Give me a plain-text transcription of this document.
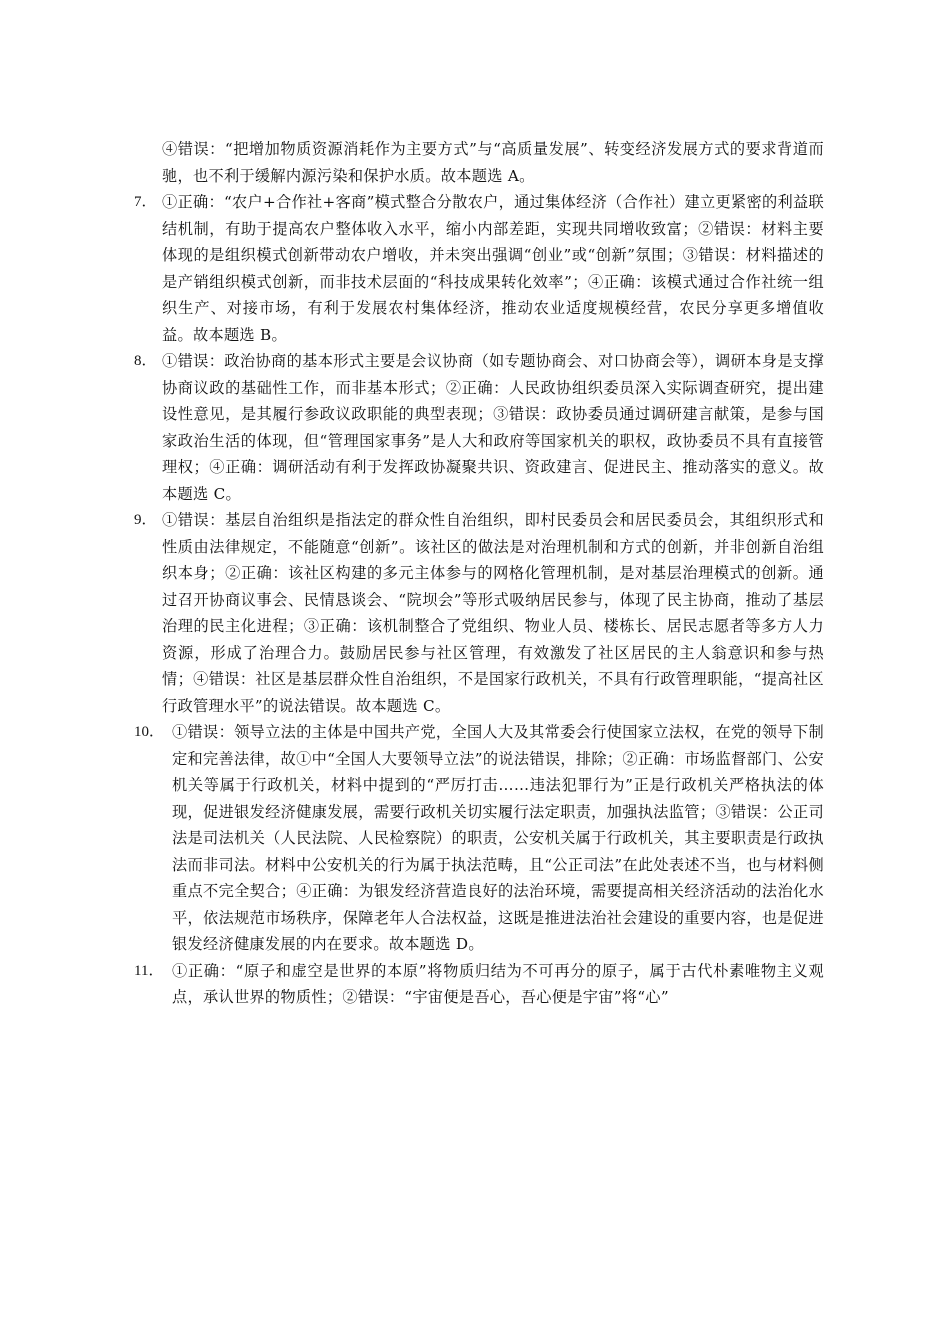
④错误：“把增加物质资源消耗作为主要方式”与“高质量发展”、转变经济发展方式的要求背道而驰，也不利于缓解内源污染和保护水质。故本题选 A。

7． ①正确：“农户+合作社+客商”模式整合分散农户，通过集体经济（合作社）建立更紧密的利益联结机制，有助于提高农户整体收入水平，缩小内部差距，实现共同增收致富；②错误：材料主要体现的是组织模式创新带动农户增收，并未突出强调“创业”或“创新”氛围；③错误：材料描述的是产销组织模式创新，而非技术层面的“科技成果转化效率”；④正确：该模式通过合作社统一组织生产、对接市场，有利于发展农村集体经济，推动农业适度规模经营，农民分享更多增值收益。故本题选 B。

8． ①错误：政治协商的基本形式主要是会议协商（如专题协商会、对口协商会等），调研本身是支撑协商议政的基础性工作，而非基本形式；②正确：人民政协组织委员深入实际调查研究，提出建设性意见，是其履行参政议政职能的典型表现；③错误：政协委员通过调研建言献策，是参与国家政治生活的体现，但“管理国家事务”是人大和政府等国家机关的职权，政协委员不具有直接管理权；④正确：调研活动有利于发挥政协凝聚共识、资政建言、促进民主、推动落实的意义。故本题选 C。

9． ①错误：基层自治组织是指法定的群众性自治组织，即村民委员会和居民委员会，其组织形式和性质由法律规定，不能随意“创新”。该社区的做法是对治理机制和方式的创新，并非创新自治组织本身；②正确：该社区构建的多元主体参与的网格化管理机制，是对基层治理模式的创新。通过召开协商议事会、民情恳谈会、“院坝会”等形式吸纳居民参与，体现了民主协商，推动了基层治理的民主化进程；③正确：该机制整合了党组织、物业人员、楼栋长、居民志愿者等多方人力资源，形成了治理合力。鼓励居民参与社区管理，有效激发了社区居民的主人翁意识和参与热情；④错误：社区是基层群众性自治组织，不是国家行政机关，不具有行政管理职能，“提高社区行政管理水平”的说法错误。故本题选 C。

10． ①错误：领导立法的主体是中国共产党，全国人大及其常委会行使国家立法权，在党的领导下制定和完善法律，故①中“全国人大要领导立法”的说法错误，排除；②正确：市场监督部门、公安机关等属于行政机关，材料中提到的“严厉打击……违法犯罪行为”正是行政机关严格执法的体现，促进银发经济健康发展，需要行政机关切实履行法定职责，加强执法监管；③错误：公正司法是司法机关（人民法院、人民检察院）的职责，公安机关属于行政机关，其主要职责是行政执法而非司法。材料中公安机关的行为属于执法范畴，且“公正司法”在此处表述不当，也与材料侧重点不完全契合；④正确：为银发经济营造良好的法治环境，需要提高相关经济活动的法治化水平，依法规范市场秩序，保障老年人合法权益，这既是推进法治社会建设的重要内容，也是促进银发经济健康发展的内在要求。故本题选 D。

11． ①正确：“原子和虚空是世界的本原”将物质归结为不可再分的原子，属于古代朴素唯物主义观点，承认世界的物质性；②错误：“宇宙便是吾心，吾心便是宇宙”将“心”
